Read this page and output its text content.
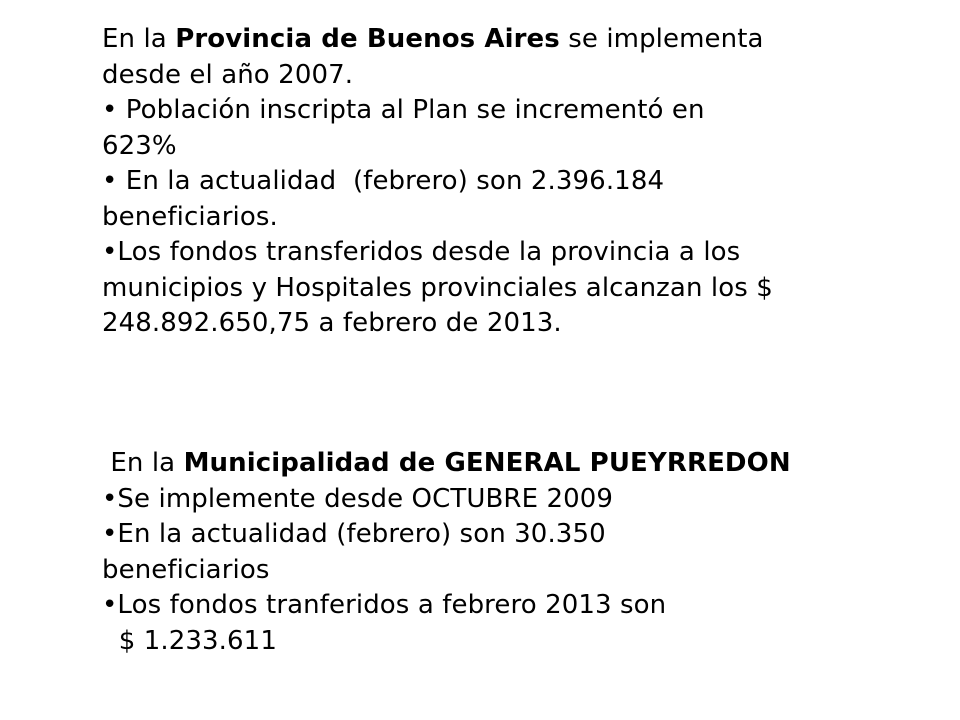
En la Provincia de Buenos Aires se implementa
desde el año 2007.
• Población inscripta al Plan se incrementó en
623%
• En la actualidad  (febrero) son 2.396.184
beneficiarios.
•Los fondos transferidos desde la provincia a los
municipios y Hospitales provinciales alcanzan los $
248.892.650,75 a febrero de 2013.
En la Municipalidad de GENERAL PUEYRREDON
•Se implemente desde OCTUBRE 2009
•En la actualidad (febrero) son 30.350
beneficiarios
•Los fondos tranferidos a febrero 2013 son
$ 1.233.611
